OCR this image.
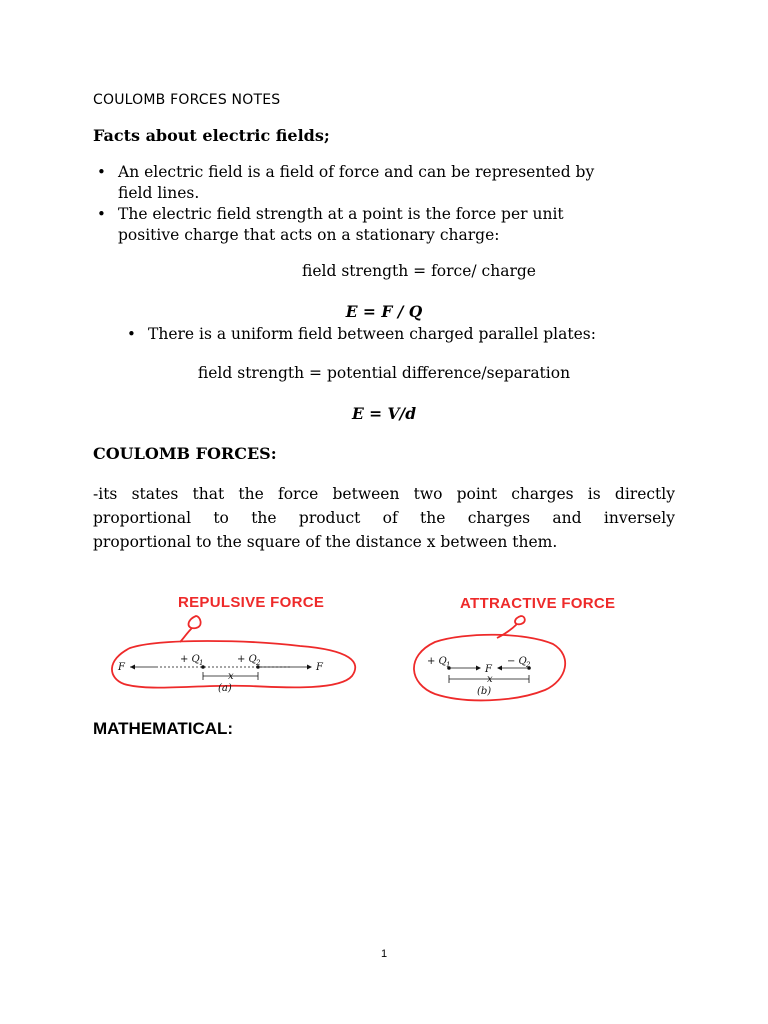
COULOMB FORCES NOTES
Facts about electric fields;
• An electric field is a field of force and can be represented by
field lines.
• The electric field strength at a point is the force per unit
positive charge that acts on a stationary charge:
field strength = force/ charge
E = F / Q
• There is a uniform field between charged parallel plates:
field strength = potential difference/separation
E = V/d
COULOMB FORCES:
-its states that the force between two point charges is directly
proportional to the product of the charges and inversely
proportional to the square of the distance x between them.
REPULSIVE FORCE
F	F
+ Q 1	+ Q 2
x
(a)
ATTRACTIVE FORCE
+ Q 1	− Q 2
F
x
(b)
MATHEMATICAL:
1
